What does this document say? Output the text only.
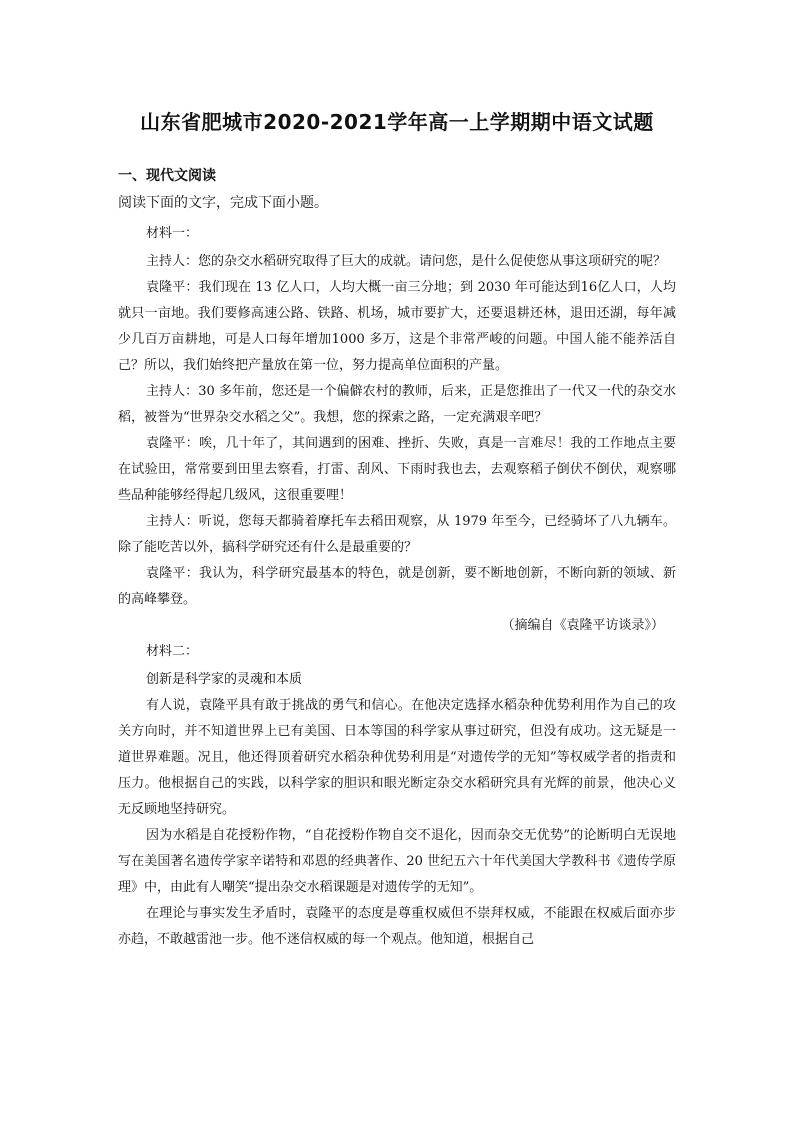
山东省肥城市2020-2021学年高一上学期期中语文试题
一、现代文阅读
阅读下面的文字，完成下面小题。
材料一：

主持人：您的杂交水稻研究取得了巨大的成就。请问您，是什么促使您从事这项研究的呢？

袁隆平：我们现在 13 亿人口，人均大概一亩三分地；到 2030 年可能达到16亿人口，人均就只一亩地。我们要修高速公路、铁路、机场，城市要扩大，还要退耕还林，退田还湖，每年减少几百万亩耕地，可是人口每年增加1000 多万，这是个非常严峻的问题。中国人能不能养活自己？所以，我们始终把产量放在第一位，努力提高单位面积的产量。

主持人：30 多年前，您还是一个偏僻农村的教师，后来，正是您推出了一代又一代的杂交水稻，被誉为“世界杂交水稻之父”。我想，您的探索之路，一定充满艰辛吧？

袁隆平：唉，几十年了，其间遇到的困难、挫折、失败，真是一言难尽！我的工作地点主要在试验田，常常要到田里去察看，打雷、刮风、下雨时我也去，去观察稻子倒伏不倒伏，观察哪些品种能够经得起几级风，这很重要哩！

主持人：听说，您每天都骑着摩托车去稻田观察，从 1979 年至今，已经骑坏了八九辆车。除了能吃苦以外，搞科学研究还有什么是最重要的？

袁隆平：我认为，科学研究最基本的特色，就是创新，要不断地创新，不断向新的领域、新的高峰攀登。

（摘编自《袁隆平访谈录》）

材料二：

创新是科学家的灵魂和本质

有人说，袁隆平具有敢于挑战的勇气和信心。在他决定选择水稻杂种优势利用作为自己的攻关方向时，并不知道世界上已有美国、日本等国的科学家从事过研究，但没有成功。这无疑是一道世界难题。况且，他还得顶着研究水稻杂种优势利用是“对遗传学的无知”等权威学者的指责和压力。他根据自己的实践，以科学家的胆识和眼光断定杂交水稻研究具有光辉的前景，他决心义无反顾地坚持研究。

因为水稻是自花授粉作物，“自花授粉作物自交不退化，因而杂交无优势”的论断明白无误地写在美国著名遗传学家辛诺特和邓恩的经典著作、20 世纪五六十年代美国大学教科书《遗传学原理》中，由此有人嘲笑“提出杂交水稻课题是对遗传学的无知”。

在理论与事实发生矛盾时，袁隆平的态度是尊重权威但不崇拜权威，不能跟在权威后面亦步亦趋，不敢越雷池一步。他不迷信权威的每一个观点。他知道，根据自己
